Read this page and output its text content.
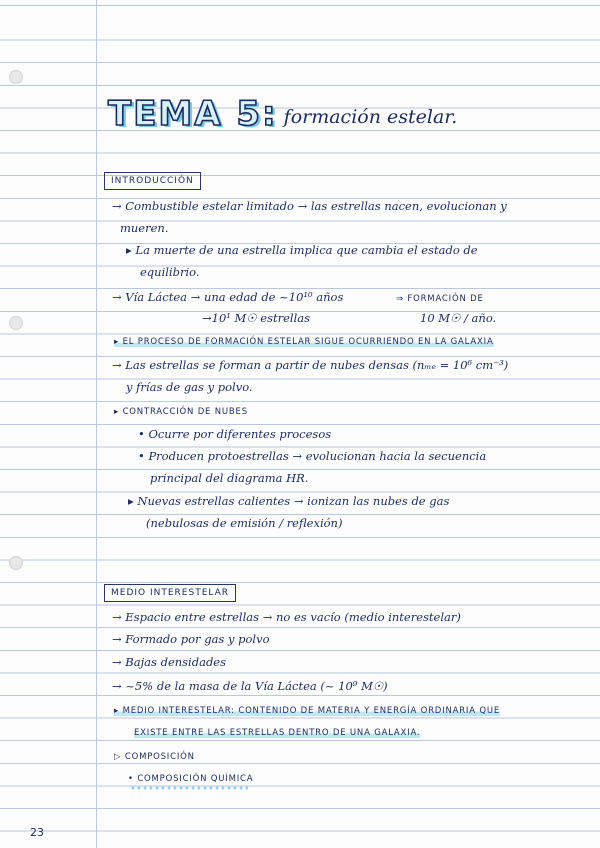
TEMA 5: formación estelar.
INTRODUCCIÓN
→ Combustible estelar limitado → las estrellas nacen, evolucionan y
mueren.
▸ La muerte de una estrella implica que cambia el estado de
equilibrio.
→ Vía Láctea → una edad de ~10¹⁰ años	⇒ FORMACIÓN DE
→10¹ M☉ estrellas	10 M☉ / año.
▸ EL PROCESO DE FORMACIÓN ESTELAR SIGUE OCURRIENDO EN LA GALAXIA
→ Las estrellas se forman a partir de nubes densas (nₘₑ = 10⁶ cm⁻³)
y frías de gas y polvo.
▸ CONTRACCIÓN DE NUBES
• Ocurre por diferentes procesos
• Producen protoestrellas → evolucionan hacia la secuencia
principal del diagrama HR.
▸ Nuevas estrellas calientes → ionizan las nubes de gas
(nebulosas de emisión / reflexión)
MEDIO INTERESTELAR
→ Espacio entre estrellas → no es vacío (medio interestelar)
→ Formado por gas y polvo
→ Bajas densidades
→ ~5% de la masa de la Vía Láctea (~ 10⁹ M☉)
▸ MEDIO INTERESTELAR: CONTENIDO DE MATERIA Y ENERGÍA ORDINARIA QUE
EXISTE ENTRE LAS ESTRELLAS DENTRO DE UNA GALAXIA.
▷ COMPOSICIÓN
• COMPOSICIÓN QUÍMICA
23
